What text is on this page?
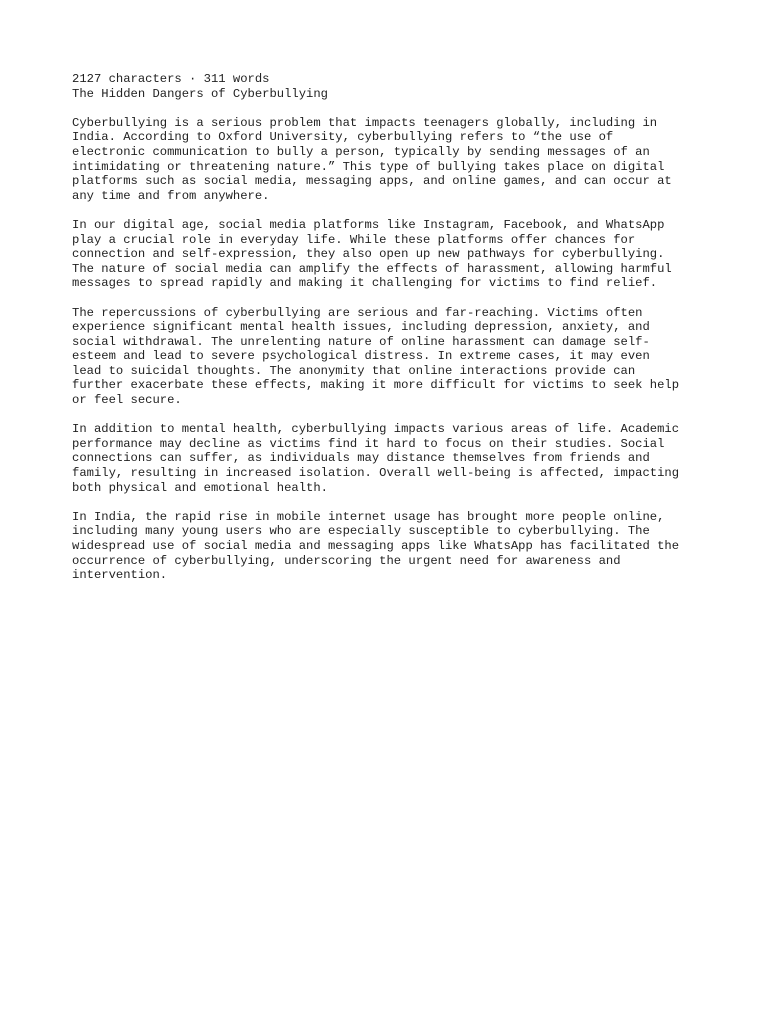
2127 characters · 311 words

The Hidden Dangers of Cyberbullying

Cyberbullying is a serious problem that impacts teenagers globally, including in
India. According to Oxford University, cyberbullying refers to “the use of
electronic communication to bully a person, typically by sending messages of an
intimidating or threatening nature.” This type of bullying takes place on digital
platforms such as social media, messaging apps, and online games, and can occur at
any time and from anywhere.

In our digital age, social media platforms like Instagram, Facebook, and WhatsApp
play a crucial role in everyday life. While these platforms offer chances for
connection and self-expression, they also open up new pathways for cyberbullying.
The nature of social media can amplify the effects of harassment, allowing harmful
messages to spread rapidly and making it challenging for victims to find relief.

The repercussions of cyberbullying are serious and far-reaching. Victims often
experience significant mental health issues, including depression, anxiety, and
social withdrawal. The unrelenting nature of online harassment can damage self-
esteem and lead to severe psychological distress. In extreme cases, it may even
lead to suicidal thoughts. The anonymity that online interactions provide can
further exacerbate these effects, making it more difficult for victims to seek help
or feel secure.

In addition to mental health, cyberbullying impacts various areas of life. Academic
performance may decline as victims find it hard to focus on their studies. Social
connections can suffer, as individuals may distance themselves from friends and
family, resulting in increased isolation. Overall well-being is affected, impacting
both physical and emotional health.

In India, the rapid rise in mobile internet usage has brought more people online,
including many young users who are especially susceptible to cyberbullying. The
widespread use of social media and messaging apps like WhatsApp has facilitated the
occurrence of cyberbullying, underscoring the urgent need for awareness and
intervention.
